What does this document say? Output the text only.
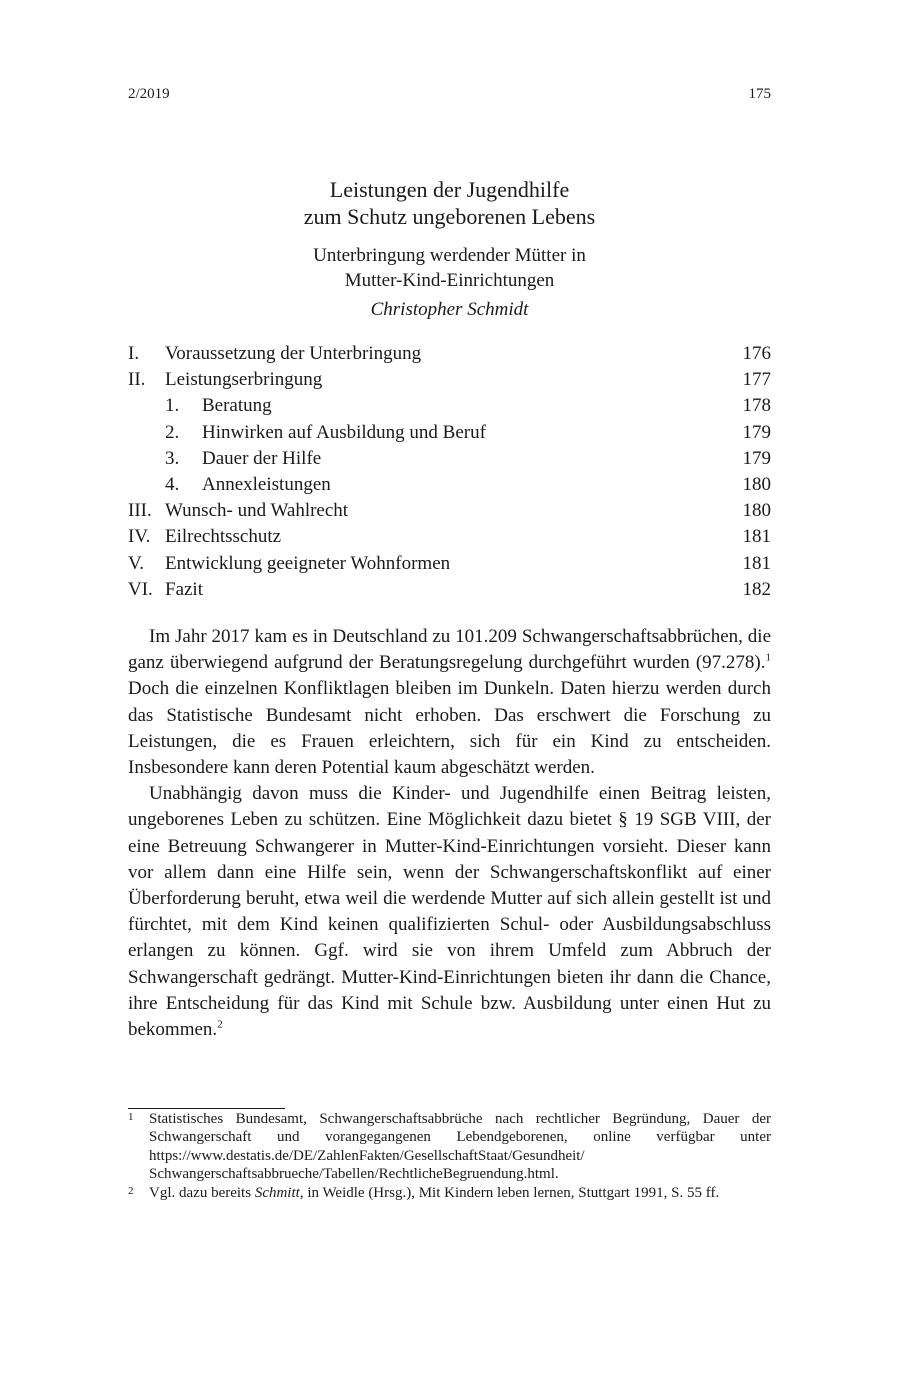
2/2019	175
Leistungen der Jugendhilfe
zum Schutz ungeborenen Lebens
Unterbringung werdender Mütter in
Mutter-Kind-Einrichtungen
Christopher Schmidt
I. Voraussetzung der Unterbringung	176
II. Leistungserbringung	177
1. Beratung	178
2. Hinwirken auf Ausbildung und Beruf	179
3. Dauer der Hilfe	179
4. Annexleistungen	180
III. Wunsch- und Wahlrecht	180
IV. Eilrechtsschutz	181
V. Entwicklung geeigneter Wohnformen	181
VI. Fazit	182

Im Jahr 2017 kam es in Deutschland zu 101.209 Schwangerschaftsabbrüchen, die ganz überwiegend aufgrund der Beratungsregelung durchgeführt wurden (97.278).$^1$ Doch die einzelnen Konfliktlagen bleiben im Dunkeln. Daten hierzu werden durch das Statistische Bundesamt nicht erhoben. Das erschwert die Forschung zu Leistungen, die es Frauen erleichtern, sich für ein Kind zu entscheiden. Insbesondere kann deren Potential kaum abgeschätzt werden.

Unabhängig davon muss die Kinder- und Jugendhilfe einen Beitrag leisten, ungeborenes Leben zu schützen. Eine Möglichkeit dazu bietet § 19 SGB VIII, der eine Betreuung Schwangerer in Mutter-Kind-Einrichtungen vorsieht. Dieser kann vor allem dann eine Hilfe sein, wenn der Schwangerschaftskonflikt auf einer Überforderung beruht, etwa weil die werdende Mutter auf sich allein gestellt ist und fürchtet, mit dem Kind keinen qualifizierten Schul- oder Ausbildungsabschluss erlangen zu können. Ggf. wird sie von ihrem Umfeld zum Abbruch der Schwangerschaft gedrängt. Mutter-Kind-Einrichtungen bieten ihr dann die Chance, ihre Entscheidung für das Kind mit Schule bzw. Ausbildung unter einen Hut zu bekommen.$^2$

1 Statistisches Bundesamt, Schwangerschaftsabbrüche nach rechtlicher Begründung, Dauer der Schwangerschaft und vorangegangenen Lebendgeborenen, online verfügbar unter https://www.destatis.de/DE/ZahlenFakten/GesellschaftStaat/Gesundheit/ Schwangerschaftsabbrueche/Tabellen/RechtlicheBegruendung.html.
2 Vgl. dazu bereits Schmitt, in Weidle (Hrsg.), Mit Kindern leben lernen, Stuttgart 1991, S. 55 ff.
